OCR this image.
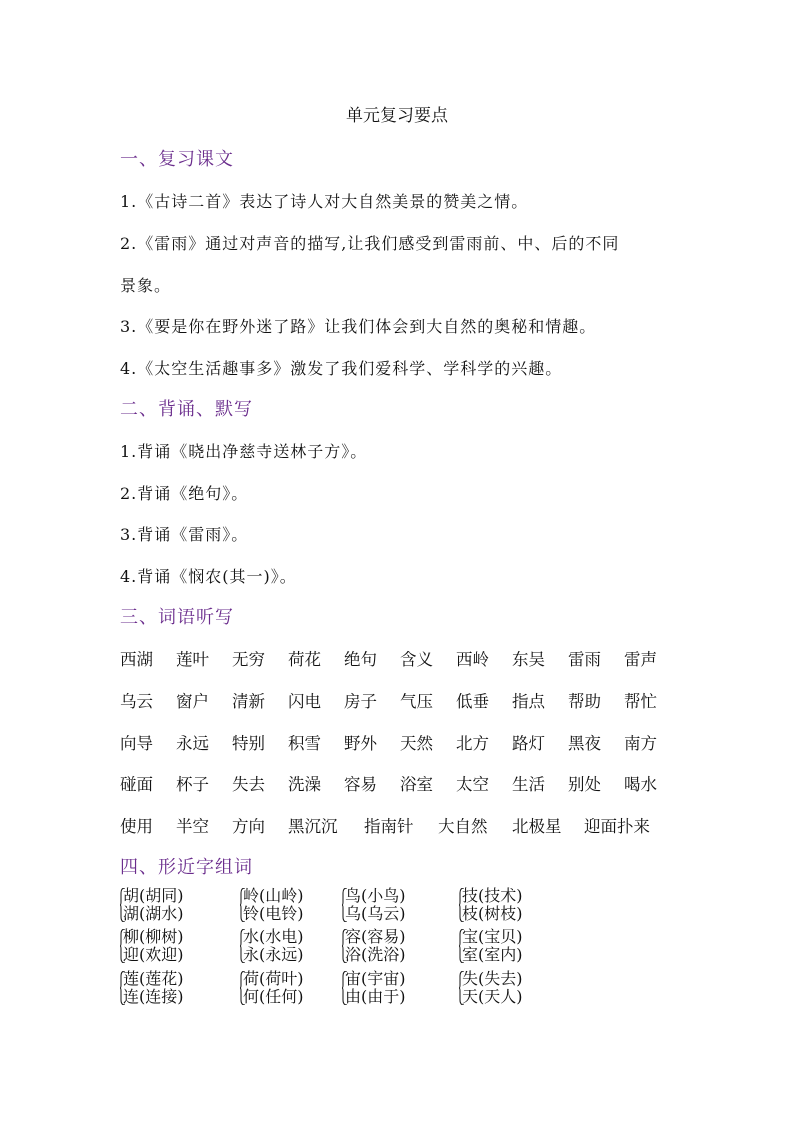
单元复习要点
一、复习课文
1.《古诗二首》表达了诗人对大自然美景的赞美之情。
2.《雷雨》通过对声音的描写,让我们感受到雷雨前、中、后的不同
景象。
3.《要是你在野外迷了路》让我们体会到大自然的奥秘和情趣。
4.《太空生活趣事多》激发了我们爱科学、学科学的兴趣。
二、背诵、默写
1.背诵《晓出净慈寺送林子方》。
2.背诵《绝句》。
3.背诵《雷雨》。
4.背诵《悯农(其一)》。
三、词语听写
西湖 莲叶 无穷 荷花 绝句 含义 西岭 东吴 雷雨 雷声
乌云 窗户 清新 闪电 房子 气压 低垂 指点 帮助 帮忙
向导 永远 特别 积雪 野外 天然 北方 路灯 黑夜 南方
碰面 杯子 失去 洗澡 容易 浴室 太空 生活 别处 喝水
使用 半空 方向 黑沉沉 指南针 大自然 北极星 迎面扑来
四、形近字组词
胡(胡同)
湖(湖水)
岭(山岭)
铃(电铃)
鸟(小鸟)
乌(乌云)
技(技术)
枝(树枝)
柳(柳树)
迎(欢迎)
水(水电)
永(永远)
容(容易)
浴(洗浴)
宝(宝贝)
室(室内)
莲(莲花)
连(连接)
荷(荷叶)
何(任何)
宙(宇宙)
由(由于)
失(失去)
天(天人)
